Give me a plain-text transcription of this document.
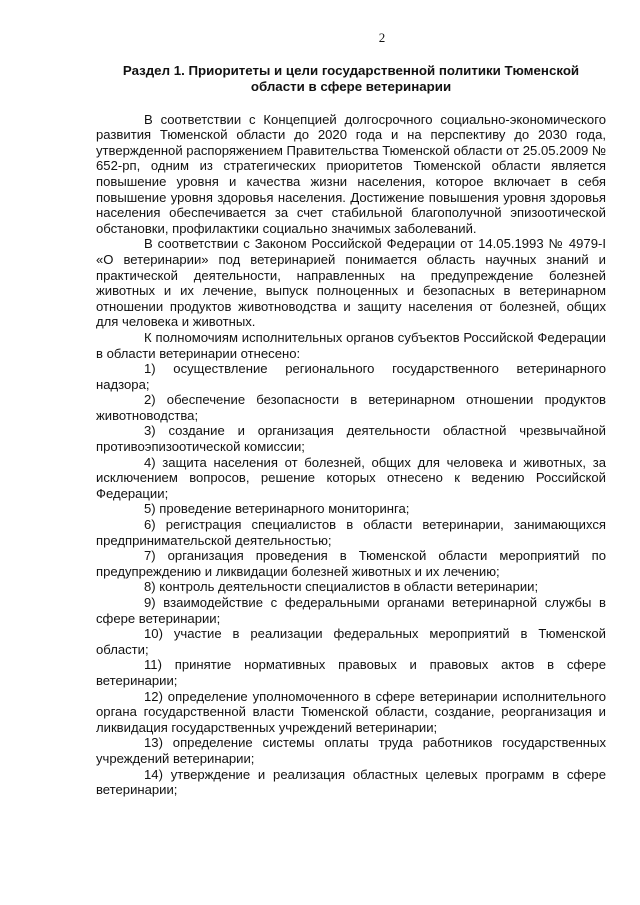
2
Раздел 1. Приоритеты и цели государственной политики Тюменской области в сфере ветеринарии

В соответствии с Концепцией долгосрочного социально-экономического развития Тюменской области до 2020 года и на перспективу до 2030 года, утвержденной распоряжением Правительства Тюменской области от 25.05.2009 № 652-рп, одним из стратегических приоритетов Тюменской области является повышение уровня и качества жизни населения, которое включает в себя повышение уровня здоровья населения. Достижение повышения уровня здоровья населения обеспечивается за счет стабильной благополучной эпизоотической обстановки, профилактики социально значимых заболеваний.

В соответствии с Законом Российской Федерации от 14.05.1993 № 4979-I «О ветеринарии» под ветеринарией понимается область научных знаний и практической деятельности, направленных на предупреждение болезней животных и их лечение, выпуск полноценных и безопасных в ветеринарном отношении продуктов животноводства и защиту населения от болезней, общих для человека и животных.

К полномочиям исполнительных органов субъектов Российской Федерации в области ветеринарии отнесено:

1) осуществление регионального государственного ветеринарного надзора;

2) обеспечение безопасности в ветеринарном отношении продуктов животноводства;

3) создание и организация деятельности областной чрезвычайной противоэпизоотической комиссии;

4) защита населения от болезней, общих для человека и животных, за исключением вопросов, решение которых отнесено к ведению Российской Федерации;

5) проведение ветеринарного мониторинга;

6) регистрация специалистов в области ветеринарии, занимающихся предпринимательской деятельностью;

7) организация проведения в Тюменской области мероприятий по предупреждению и ликвидации болезней животных и их лечению;

8) контроль деятельности специалистов в области ветеринарии;

9) взаимодействие с федеральными органами ветеринарной службы в сфере ветеринарии;

10) участие в реализации федеральных мероприятий в Тюменской области;

11) принятие нормативных правовых и правовых актов в сфере ветеринарии;

12) определение уполномоченного в сфере ветеринарии исполнительного органа государственной власти Тюменской области, создание, реорганизация и ликвидация государственных учреждений ветеринарии;

13) определение системы оплаты труда работников государственных учреждений ветеринарии;

14) утверждение и реализация областных целевых программ в сфере ветеринарии;
